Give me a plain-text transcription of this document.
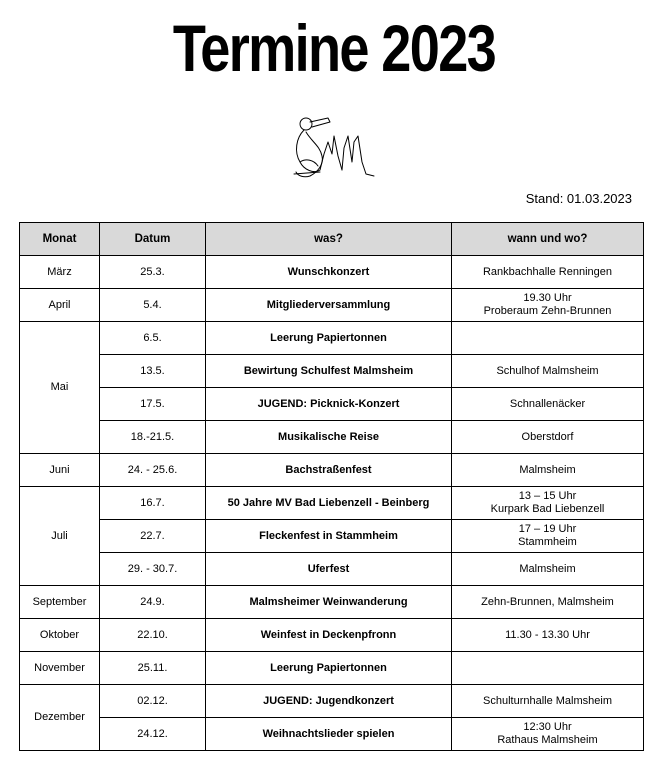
Termine 2023
Stand: 01.03.2023
Monat	Datum	was?	wann und wo?
März	25.3.	Wunschkonzert	Rankbachhalle Renningen

April	5.4.	Mitgliederversammlung	19.30 Uhr
Proberaum Zehn-Brunnen

Mai	6.5.	Leerung Papiertonnen	
	13.5.	Bewirtung Schulfest Malmsheim	Schulhof Malmsheim

	17.5.	JUGEND: Picknick-Konzert	Schnallenäcker

	18.-21.5.	Musikalische Reise	Oberstdorf

Juni	24. - 25.6.	Bachstraßenfest	Malmsheim

Juli	16.7.	50 Jahre MV Bad Liebenzell - Beinberg	13 – 15 Uhr
Kurpark Bad Liebenzell

	22.7.	Fleckenfest in Stammheim	17 – 19 Uhr
Stammheim

	29. - 30.7.	Uferfest	Malmsheim

September	24.9.	Malmsheimer Weinwanderung	Zehn-Brunnen, Malmsheim

Oktober	22.10.	Weinfest in Deckenpfronn	11.30 - 13.30 Uhr

November	25.11.	Leerung Papiertonnen	
Dezember	02.12.	JUGEND: Jugendkonzert	Schulturnhalle Malmsheim

	24.12.	Weihnachtslieder spielen	12:30 Uhr
Rathaus Malmsheim
